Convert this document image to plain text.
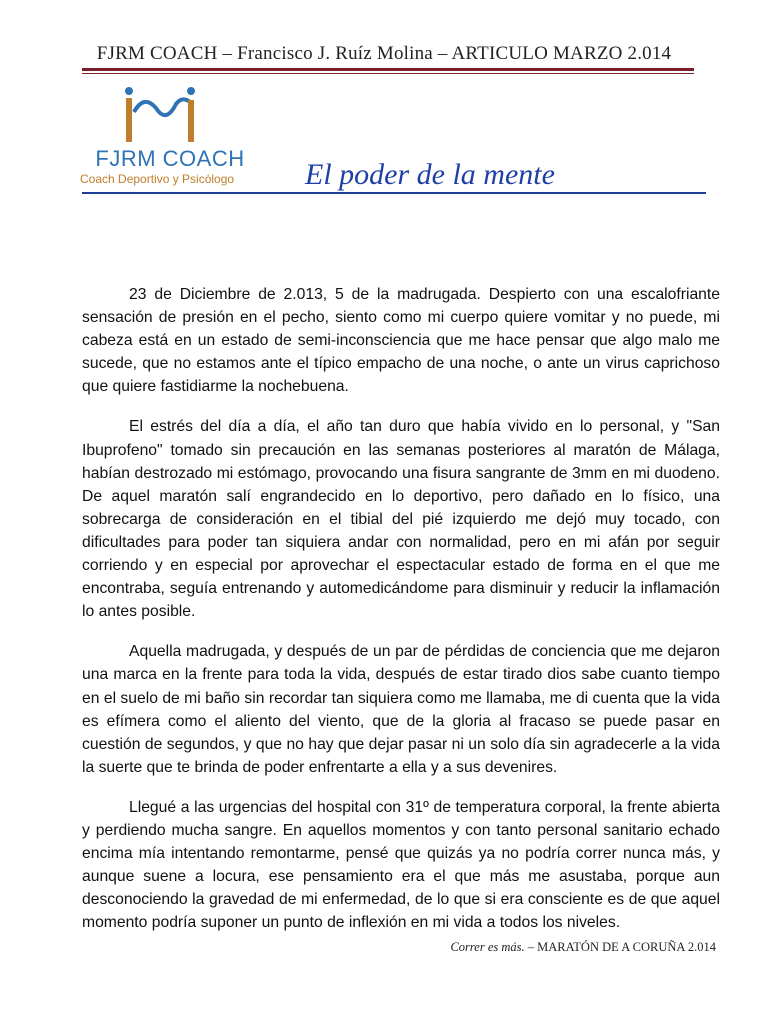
FJRM COACH – Francisco J. Ruíz Molina – ARTICULO MARZO 2.014
FJRM COACH
Coach Deportivo y Psicólogo El poder de la mente

23 de Diciembre de 2.013, 5 de la madrugada. Despierto con una escalofriante sensación de presión en el pecho, siento como mi cuerpo quiere vomitar y no puede, mi cabeza está en un estado de semi-inconsciencia que me hace pensar que algo malo me sucede, que no estamos ante el típico empacho de una noche, o ante un virus caprichoso que quiere fastidiarme la nochebuena.

El estrés del día a día, el año tan duro que había vivido en lo personal, y "San Ibuprofeno" tomado sin precaución en las semanas posteriores al maratón de Málaga, habían destrozado mi estómago, provocando una fisura sangrante de 3mm en mi duodeno. De aquel maratón salí engrandecido en lo deportivo, pero dañado en lo físico, una sobrecarga de consideración en el tibial del pié izquierdo me dejó muy tocado, con dificultades para poder tan siquiera andar con normalidad, pero en mi afán por seguir corriendo y en especial por aprovechar el espectacular estado de forma en el que me encontraba, seguía entrenando y automedicándome para disminuir y reducir la inflamación lo antes posible.

Aquella madrugada, y después de un par de pérdidas de conciencia que me dejaron una marca en la frente para toda la vida, después de estar tirado dios sabe cuanto tiempo en el suelo de mi baño sin recordar tan siquiera como me llamaba, me di cuenta que la vida es efímera como el aliento del viento, que de la gloria al fracaso se puede pasar en cuestión de segundos, y que no hay que dejar pasar ni un solo día sin agradecerle a la vida la suerte que te brinda de poder enfrentarte a ella y a sus devenires.

Llegué a las urgencias del hospital con 31º de temperatura corporal, la frente abierta y perdiendo mucha sangre. En aquellos momentos y con tanto personal sanitario echado encima mía intentando remontarme, pensé que quizás ya no podría correr nunca más, y aunque suene a locura, ese pensamiento era el que más me asustaba, porque aun desconociendo la gravedad de mi enfermedad, de lo que si era consciente es de que aquel momento podría suponer un punto de inflexión en mi vida a todos los niveles.

Correr es más. – MARATÓN DE A CORUÑA 2.014
